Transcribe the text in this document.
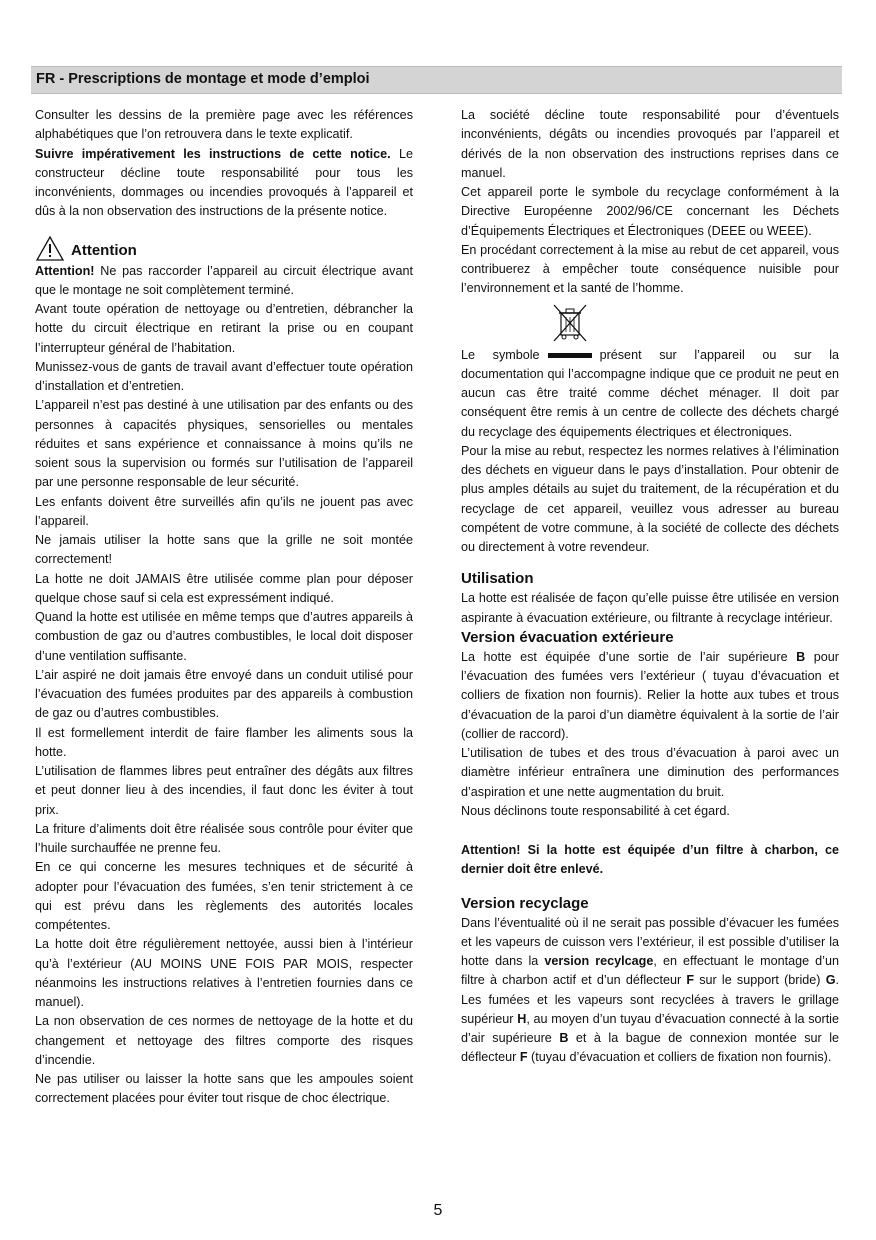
FR - Prescriptions de montage et mode d’emploi

Consulter les dessins de la première page avec les références alphabétiques que l’on retrouvera dans le texte explicatif.

Suivre impérativement les instructions de cette notice. Le constructeur décline toute responsabilité pour tous les inconvénients, dommages ou incendies provoqués à l’appareil et dûs à la non observation des instructions de la présente notice.

Attention

Attention! Ne pas raccorder l’appareil au circuit électrique avant que le montage ne soit complètement terminé.

Avant toute opération de nettoyage ou d’entretien, débrancher la hotte du circuit électrique en retirant la prise ou en coupant l’interrupteur général de l’habitation.

Munissez-vous de gants de travail avant d’effectuer toute opération d’installation et d’entretien.

L’appareil n’est pas destiné à une utilisation par des enfants ou des personnes à capacités physiques, sensorielles ou mentales réduites et sans expérience et connaissance à moins qu’ils ne soient sous la supervision ou formés sur l’utilisation de l’appareil par une personne responsable de leur sécurité.

Les enfants doivent être surveillés afin qu’ils ne jouent pas avec l’appareil.

Ne jamais utiliser la hotte sans que la grille ne soit montée correctement!

La hotte ne doit JAMAIS être utilisée comme plan pour déposer quelque chose sauf si cela est expressément indiqué.

Quand la hotte est utilisée en même temps que d’autres appareils à combustion de gaz ou d’autres combustibles, le local doit disposer d’une ventilation suffisante.

L’air aspiré ne doit jamais être envoyé dans un conduit utilisé pour l’évacuation des fumées produites par des appareils à combustion de gaz ou d’autres combustibles.

Il est formellement interdit de faire flamber les aliments sous la hotte.

L’utilisation de flammes libres peut entraîner des dégâts aux filtres et peut donner lieu à des incendies, il faut donc les éviter à tout prix.

La friture d’aliments doit être réalisée sous contrôle pour éviter que l’huile surchauffée ne prenne feu.

En ce qui concerne les mesures techniques et de sécurité à adopter pour l’évacuation des fumées, s’en tenir strictement à ce qui est prévu dans les règlements des autorités locales compétentes.

La hotte doit être régulièrement nettoyée, aussi bien à l’intérieur qu’à l’extérieur (AU MOINS UNE FOIS PAR MOIS, respecter néanmoins les instructions relatives à l’entretien fournies dans ce manuel).

La non observation de ces normes de nettoyage de la hotte et du changement et nettoyage des filtres comporte des risques d’incendie.

Ne pas utiliser ou laisser la hotte sans que les ampoules soient correctement placées pour éviter tout risque de choc électrique.

La société décline toute responsabilité pour d’éventuels inconvénients, dégâts ou incendies provoqués par l’appareil et dérivés de la non observation des instructions reprises dans ce manuel.

Cet appareil porte le symbole du recyclage conformément à la Directive Européenne 2002/96/CE concernant les Déchets d’Équipements Électriques et Électroniques (DEEE ou WEEE).

En procédant correctement à la mise au rebut de cet appareil, vous contribuerez à empêcher toute conséquence nuisible pour l’environnement et la santé de l’homme.

Le symbole	présent sur l’appareil ou sur la documentation qui l’accompagne indique que ce produit ne peut en aucun cas être traité comme déchet ménager. Il doit par conséquent être remis à un centre de collecte des déchets chargé du recyclage des équipements électriques et électroniques.

Pour la mise au rebut, respectez les normes relatives à l’élimination des déchets en vigueur dans le pays d’installation. Pour obtenir de plus amples détails au sujet du traitement, de la récupération et du recyclage de cet appareil, veuillez vous adresser au bureau compétent de votre commune, à la société de collecte des déchets ou directement à votre revendeur.

Utilisation

La hotte est réalisée de façon qu’elle puisse être utilisée en version aspirante à évacuation extérieure, ou filtrante à recyclage intérieur.

Version évacuation extérieure

La hotte est équipée d’une sortie de l’air supérieure B pour l’évacuation des fumées vers l’extérieur ( tuyau d’évacuation et colliers de fixation non fournis). Relier la hotte aux tubes et trous d’évacuation de la paroi d’un diamètre équivalent à la sortie de l’air (collier de raccord).

L’utilisation de tubes et des trous d’évacuation à paroi avec un diamètre inférieur entraînera une diminution des performances d’aspiration et une nette augmentation du bruit.

Nous déclinons toute responsabilité à cet égard.

Attention! Si la hotte est équipée d’un filtre à charbon, ce dernier doit être enlevé.

Version recyclage

Dans l’éventualité où il ne serait pas possible d’évacuer les fumées et les vapeurs de cuisson vers l’extérieur, il est possible d’utiliser la hotte dans la version recylcage, en effectuant le montage d’un filtre à charbon actif et d’un déflecteur F sur le support (bride) G. Les fumées et les vapeurs sont recyclées à travers le grillage supérieur H, au moyen d’un tuyau d’évacuation connecté à la sortie d’air supérieure B et à la bague de connexion montée sur le déflecteur F (tuyau d’évacuation et colliers de fixation non fournis).

5
